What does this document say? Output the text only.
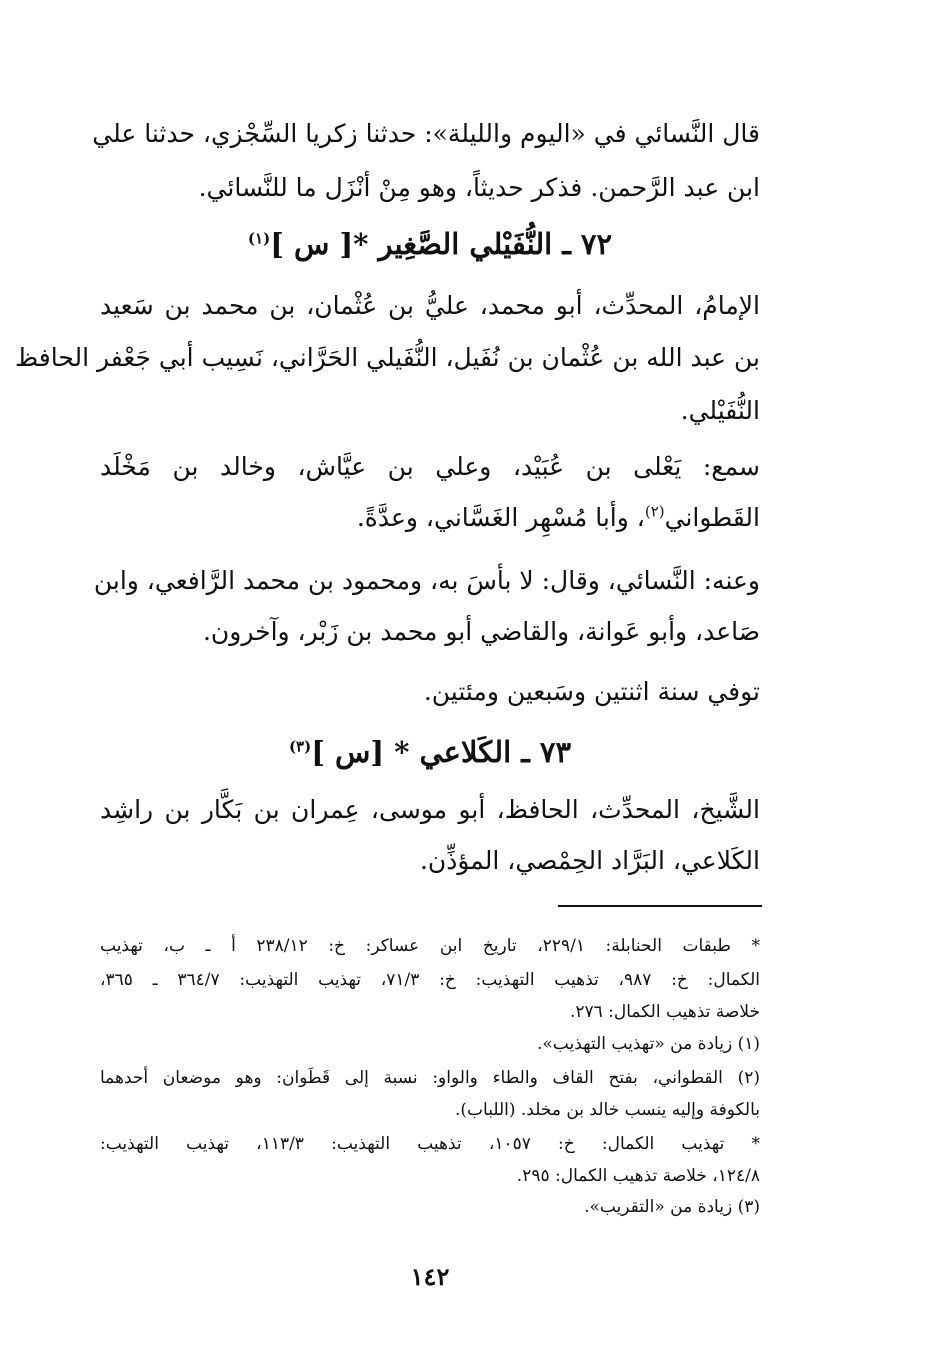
قال النَّسائي في «اليوم والليلة»: حدثنا زكريا السِّجْزي، حدثنا علي
ابن عبد الرَّحمن. فذكر حديثاً، وهو مِنْ أنْزَل ما للنَّسائي.
٧٢ ـ النُّفَيْلي الصَّغِير *[ س ]$^{(١)}$
الإمامُ، المحدِّث، أبو محمد، عليُّ بن عُثْمان، بن محمد بن سَعيد
بن عبد الله بن عُثْمان بن نُفَيل، النُّفَيلي الحَرَّاني، نَسِيب أبي جَعْفر الحافظ
النُّفَيْلي.
سمع: يَعْلى بن عُبَيْد، وعلي بن عيَّاش، وخالد بن مَخْلَد
القَطواني$^{(٢)}$، وأبا مُسْهِر الغَسَّاني، وعدَّةً.
وعنه: النَّسائي، وقال: لا بأسَ به، ومحمود بن محمد الرَّافعي، وابن
صَاعد، وأبو عَوانة، والقاضي أبو محمد بن زَبْر، وآخرون.
توفي سنة اثنتين وسَبعين ومئتين.
٧٣ ـ الكَلاعي * [س ]$^{(٣)}$
الشَّيخ، المحدِّث، الحافظ، أبو موسى، عِمران بن بَكَّار بن راشِد
الكَلاعي، البَرَّاد الحِمْصي، المؤذِّن.
* طبقات الحنابلة: ٢٢٩/١، تاريخ ابن عساكر: خ: ٢٣٨/١٢ أ ـ ب، تهذيب
الكمال: خ: ٩٨٧، تذهيب التهذيب: خ: ٧١/٣، تهذيب التهذيب: ٣٦٤/٧ ـ ٣٦٥،
خلاصة تذهيب الكمال: ٢٧٦.
(١) زيادة من «تهذيب التهذيب».
(٢) القطواني، بفتح القاف والطاء والواو: نسبة إلى قَطَوان: وهو موضعان أحدهما
بالكوفة وإليه ينسب خالد بن مخلد. (اللباب).
* تهذيب الكمال: خ: ١٠٥٧، تذهيب التهذيب: ١١٣/٣، تهذيب التهذيب:
١٢٤/٨، خلاصة تذهيب الكمال: ٢٩٥.
(٣) زيادة من «التقريب».
١٤٢
